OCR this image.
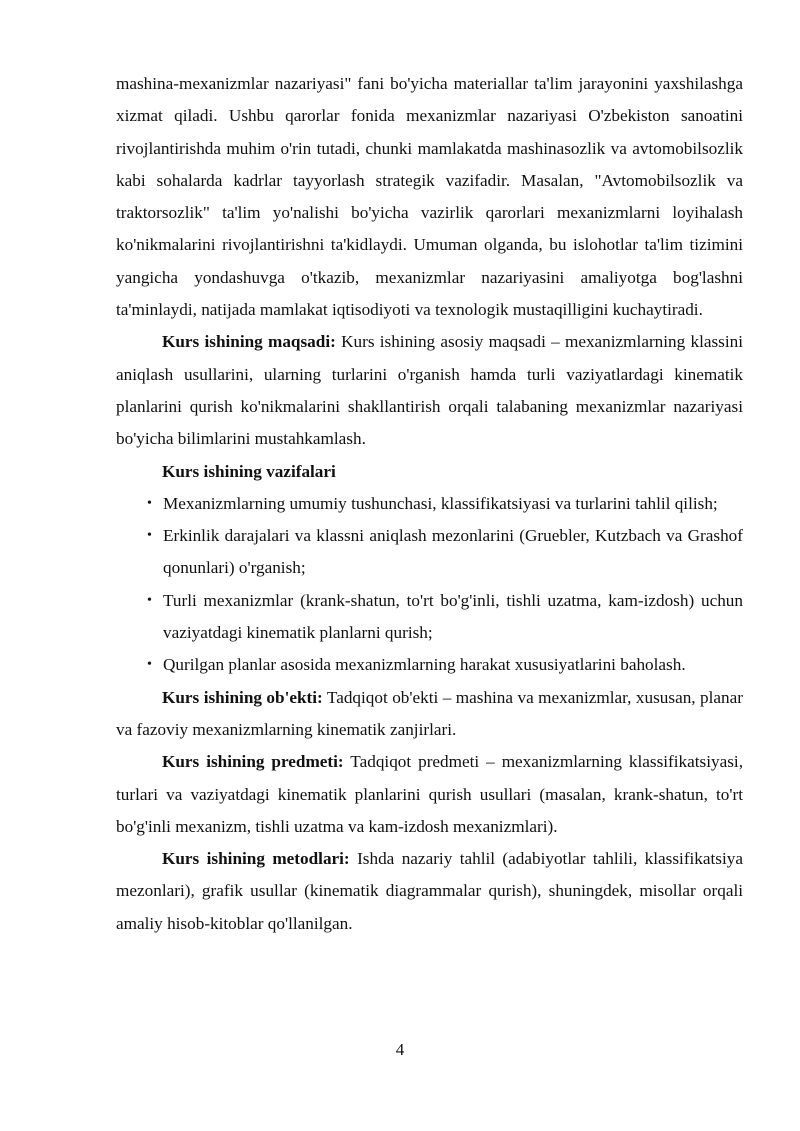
mashina-mexanizmlar nazariyasi" fani bo'yicha materiallar ta'lim jarayonini yaxshilashga xizmat qiladi. Ushbu qarorlar fonida mexanizmlar nazariyasi O'zbekiston sanoatini rivojlantirishda muhim o'rin tutadi, chunki mamlakatda mashinasozlik va avtomobilsozlik kabi sohalarda kadrlar tayyorlash strategik vazifadir. Masalan, "Avtomobilsozlik va traktorsozlik" ta'lim yo'nalishi bo'yicha vazirlik qarorlari mexanizmlarni loyihalash ko'nikmalarini rivojlantirishni ta'kidlaydi. Umuman olganda, bu islohotlar ta'lim tizimini yangicha yondashuvga o'tkazib, mexanizmlar nazariyasini amaliyotga bog'lashni ta'minlaydi, natijada mamlakat iqtisodiyoti va texnologik mustaqilligini kuchaytiradi.

Kurs ishining maqsadi: Kurs ishining asosiy maqsadi – mexanizmlarning klassini aniqlash usullarini, ularning turlarini o'rganish hamda turli vaziyatlardagi kinematik planlarini qurish ko'nikmalarini shakllantirish orqali talabaning mexanizmlar nazariyasi bo'yicha bilimlarini mustahkamlash.

Kurs ishining vazifalari

• Mexanizmlarning umumiy tushunchasi, klassifikatsiyasi va turlarini tahlil qilish;
• Erkinlik darajalari va klassni aniqlash mezonlarini (Gruebler, Kutzbach va Grashof qonunlari) o'rganish;
• Turli mexanizmlar (krank-shatun, to'rt bo'g'inli, tishli uzatma, kam-izdosh) uchun vaziyatdagi kinematik planlarni qurish;
• Qurilgan planlar asosida mexanizmlarning harakat xususiyatlarini baholash.

Kurs ishining ob'ekti: Tadqiqot ob'ekti – mashina va mexanizmlar, xususan, planar va fazoviy mexanizmlarning kinematik zanjirlari.

Kurs ishining predmeti: Tadqiqot predmeti – mexanizmlarning klassifikatsiyasi, turlari va vaziyatdagi kinematik planlarini qurish usullari (masalan, krank-shatun, to'rt bo'g'inli mexanizm, tishli uzatma va kam-izdosh mexanizmlari).

Kurs ishining metodlari: Ishda nazariy tahlil (adabiyotlar tahlili, klassifikatsiya mezonlari), grafik usullar (kinematik diagrammalar qurish), shuningdek, misollar orqali amaliy hisob-kitoblar qo'llanilgan.

4
